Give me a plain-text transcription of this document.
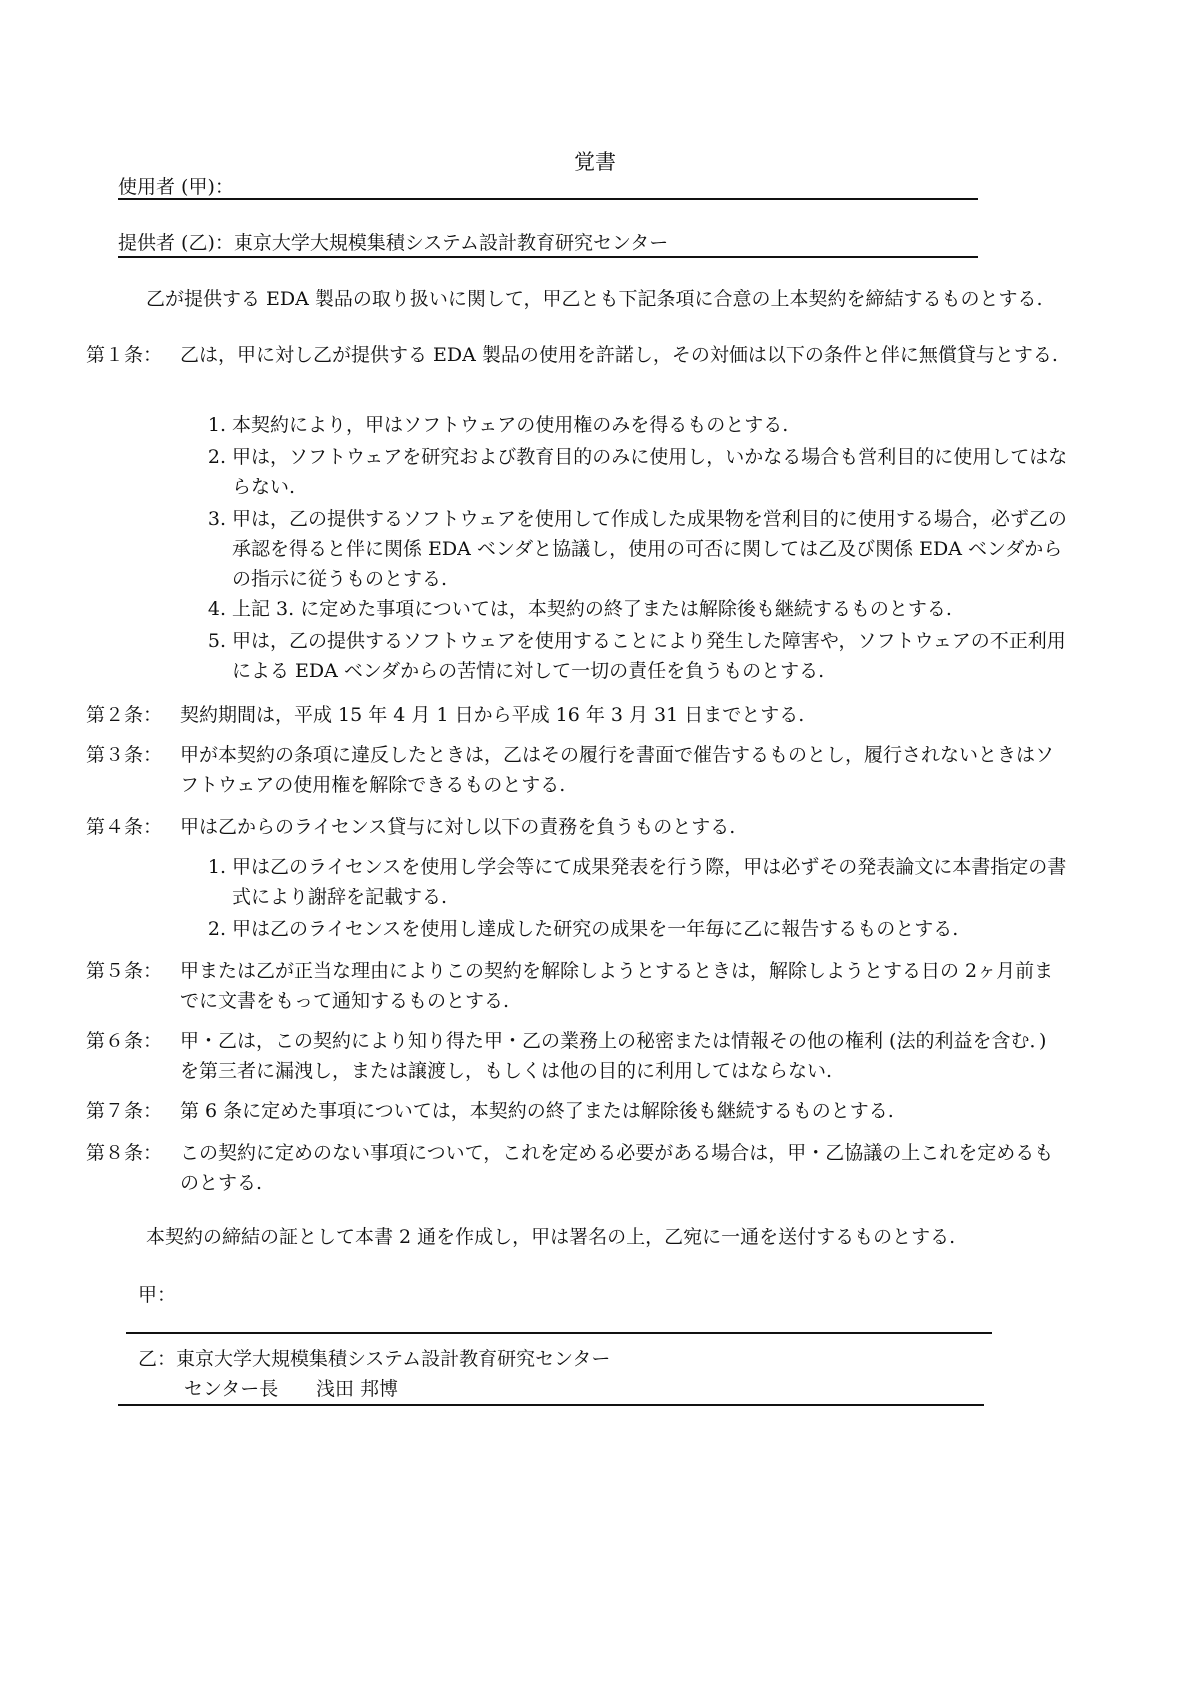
覚書
使用者 (甲)：
提供者 (乙)：東京大学大規模集積システム設計教育研究センター
乙が提供する EDA 製品の取り扱いに関して，甲乙とも下記条項に合意の上本契約を締結するものとする.
第１条： 乙は，甲に対し乙が提供する EDA 製品の使用を許諾し，その対価は以下の条件と伴に無償貸与とする.
1. 本契約により，甲はソフトウェアの使用権のみを得るものとする.
2. 甲は，ソフトウェアを研究および教育目的のみに使用し，いかなる場合も営利目的に使用してはならない.
3. 甲は，乙の提供するソフトウェアを使用して作成した成果物を営利目的に使用する場合，必ず乙の承認を得ると伴に関係 EDA ベンダと協議し，使用の可否に関しては乙及び関係 EDA ベンダからの指示に従うものとする.
4. 上記 3. に定めた事項については，本契約の終了または解除後も継続するものとする.
5. 甲は，乙の提供するソフトウェアを使用することにより発生した障害や，ソフトウェアの不正利用による EDA ベンダからの苦情に対して一切の責任を負うものとする.
第２条： 契約期間は，平成 15 年 4 月 1 日から平成 16 年 3 月 31 日までとする.
第３条： 甲が本契約の条項に違反したときは，乙はその履行を書面で催告するものとし，履行されないときはソフトウェアの使用権を解除できるものとする.
第４条： 甲は乙からのライセンス貸与に対し以下の責務を負うものとする.
1. 甲は乙のライセンスを使用し学会等にて成果発表を行う際，甲は必ずその発表論文に本書指定の書式により謝辞を記載する.
2. 甲は乙のライセンスを使用し達成した研究の成果を一年毎に乙に報告するものとする.
第５条： 甲または乙が正当な理由によりこの契約を解除しようとするときは，解除しようとする日の 2ヶ月前までに文書をもって通知するものとする.
第６条： 甲・乙は，この契約により知り得た甲・乙の業務上の秘密または情報その他の権利 (法的利益を含む．) を第三者に漏洩し，または譲渡し，もしくは他の目的に利用してはならない.
第７条： 第 6 条に定めた事項については，本契約の終了または解除後も継続するものとする.
第８条： この契約に定めのない事項について，これを定める必要がある場合は，甲・乙協議の上これを定めるものとする.
本契約の締結の証として本書 2 通を作成し，甲は署名の上，乙宛に一通を送付するものとする.
甲：
乙：東京大学大規模集積システム設計教育研究センター
センター長 浅田 邦博
